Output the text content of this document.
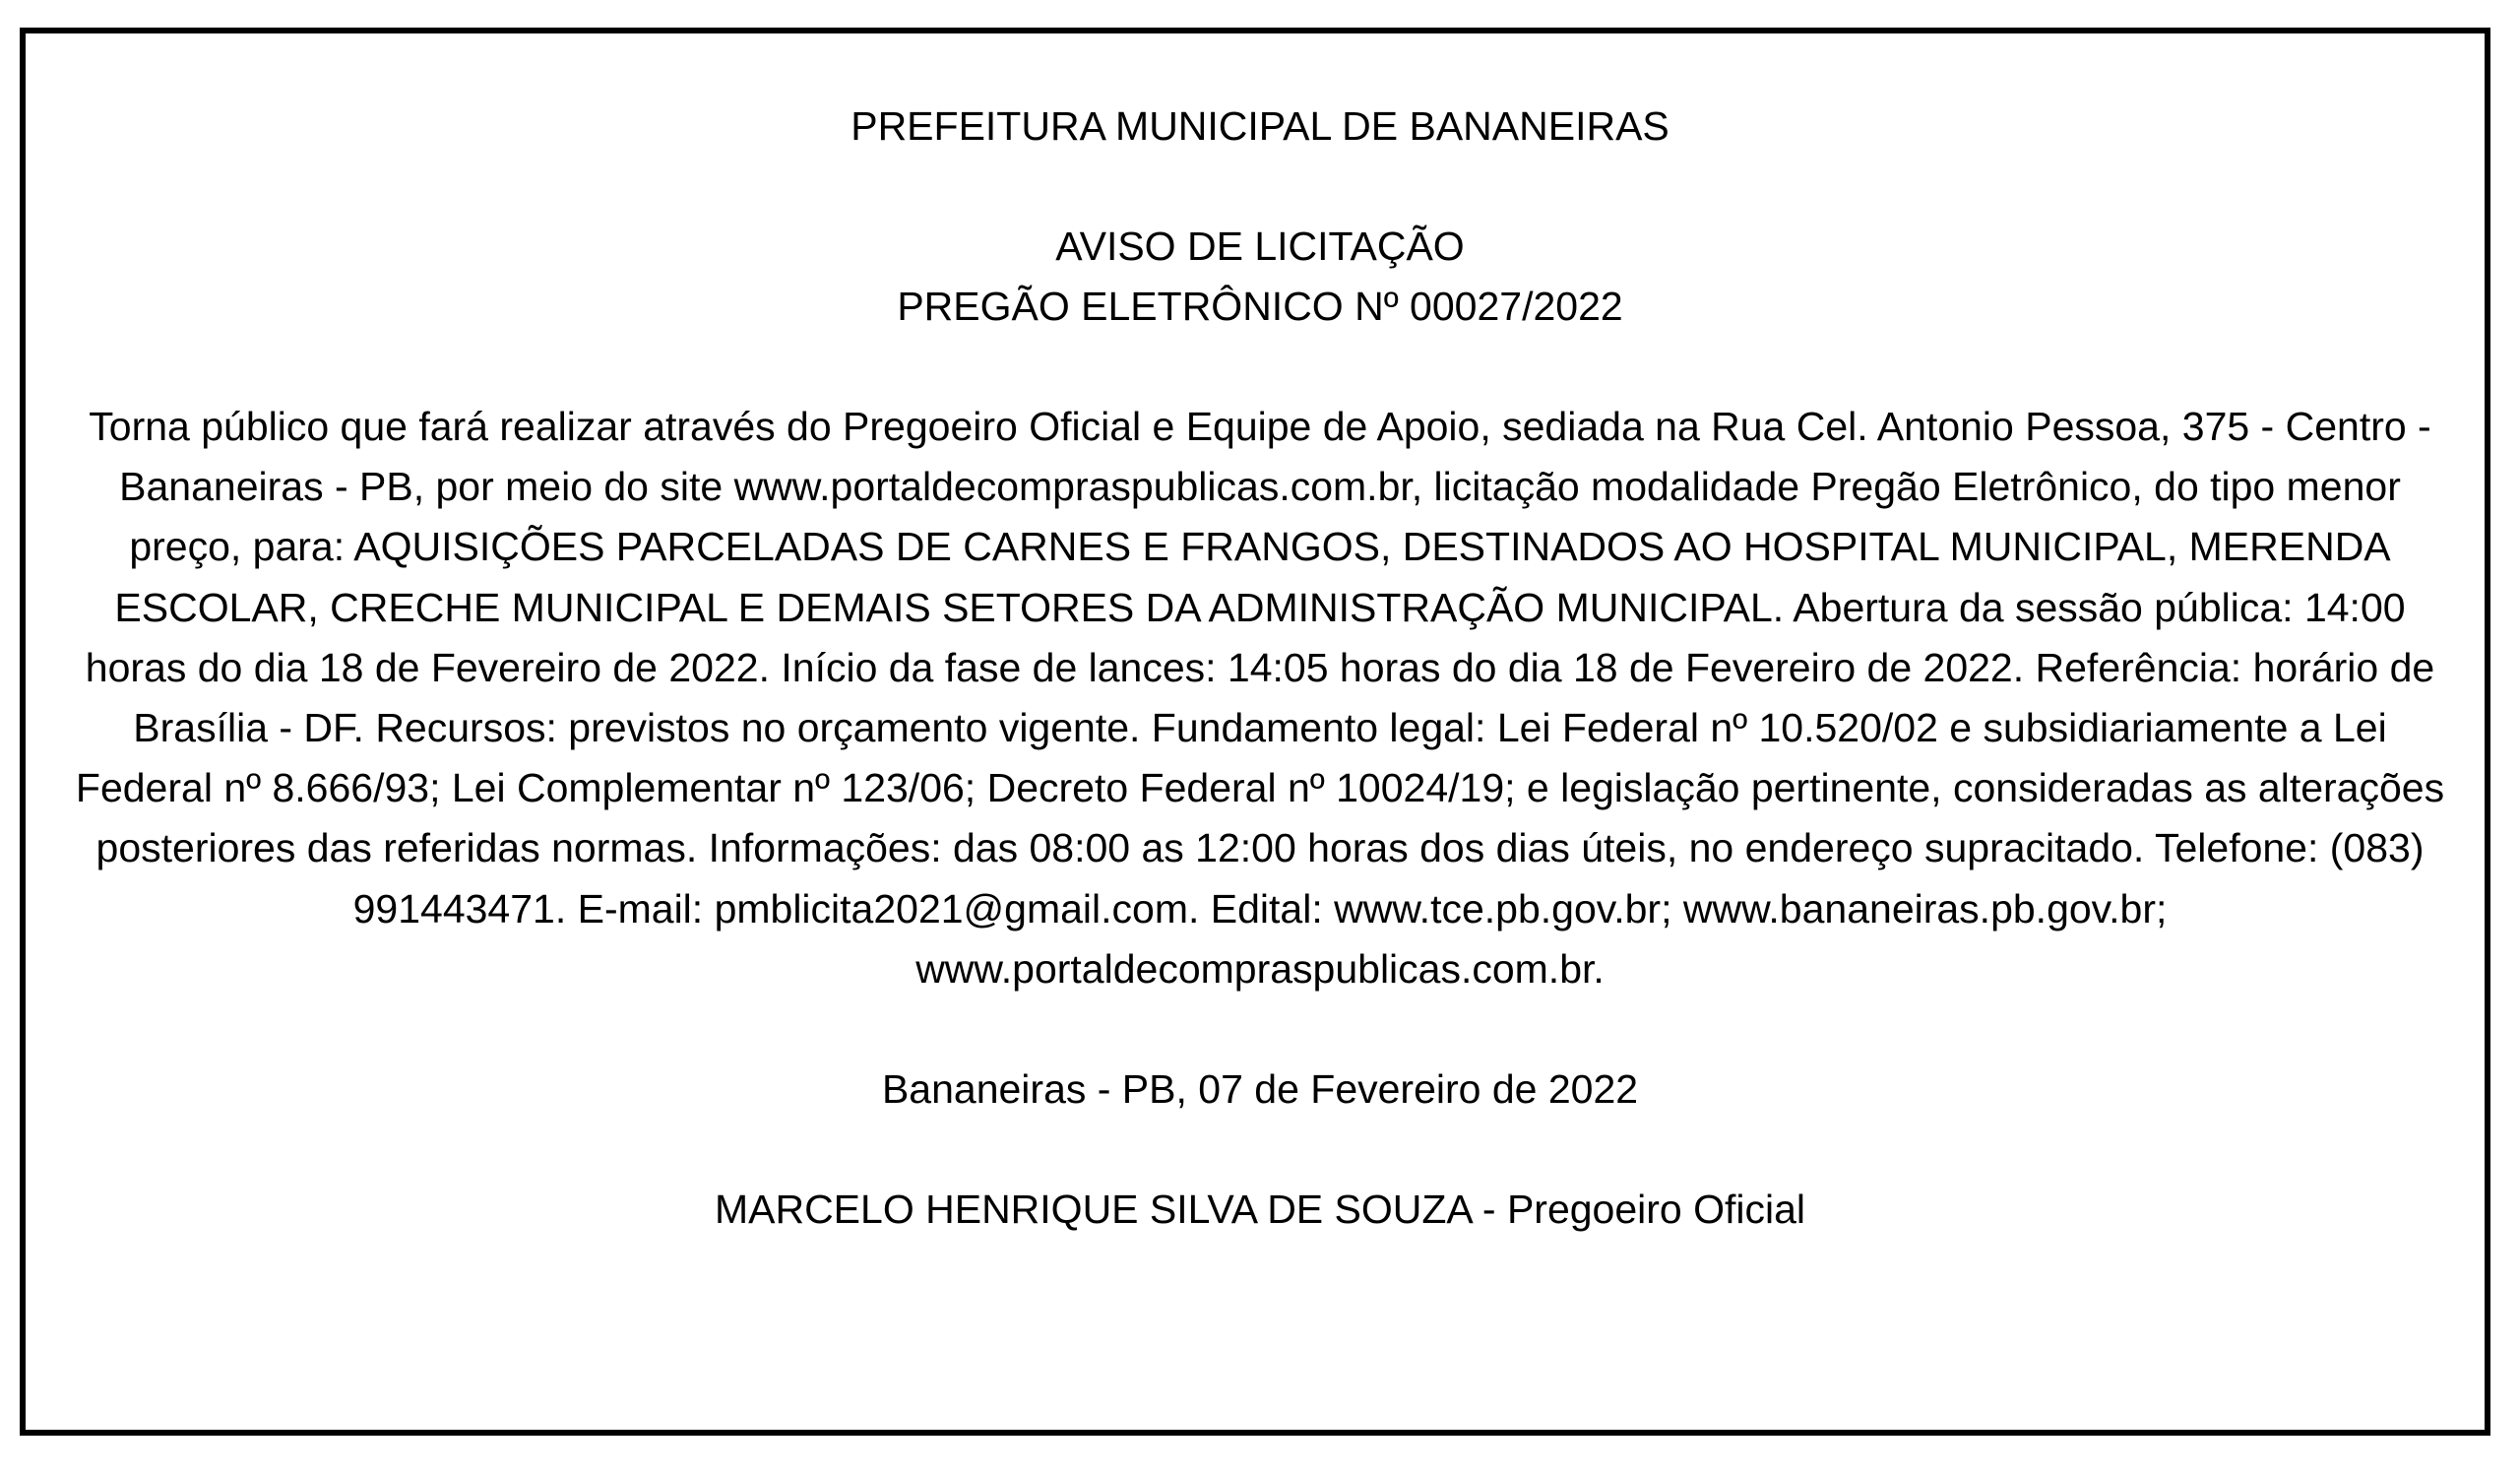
PREFEITURA MUNICIPAL DE BANANEIRAS

AVISO DE LICITAÇÃO

PREGÃO ELETRÔNICO Nº 00027/2022

Torna público que fará realizar através do Pregoeiro Oficial e Equipe de Apoio, sediada na Rua Cel. Antonio Pessoa, 375 - Centro - Bananeiras - PB, por meio do site www.portaldecompraspublicas.com.br, licitação modalidade Pregão Eletrônico, do tipo menor preço, para: AQUISIÇÕES PARCELADAS DE CARNES E FRANGOS, DESTINADOS AO HOSPITAL MUNICIPAL, MERENDA ESCOLAR, CRECHE MUNICIPAL E DEMAIS SETORES DA ADMINISTRAÇÃO MUNICIPAL. Abertura da sessão pública: 14:00 horas do dia 18 de Fevereiro de 2022. Início da fase de lances: 14:05 horas do dia 18 de Fevereiro de 2022. Referência: horário de Brasília - DF. Recursos: previstos no orçamento vigente. Fundamento legal: Lei Federal nº 10.520/02 e subsidiariamente a Lei Federal nº 8.666/93; Lei Complementar nº 123/06; Decreto Federal nº 10024/19; e legislação pertinente, consideradas as alterações posteriores das referidas normas. Informações: das 08:00 as 12:00 horas dos dias úteis, no endereço supracitado. Telefone: (083) 991443471. E-mail: pmblicita2021@gmail.com. Edital: www.tce.pb.gov.br; www.bananeiras.pb.gov.br; www.portaldecompraspublicas.com.br.

Bananeiras - PB, 07 de Fevereiro de 2022

MARCELO HENRIQUE SILVA DE SOUZA - Pregoeiro Oficial
